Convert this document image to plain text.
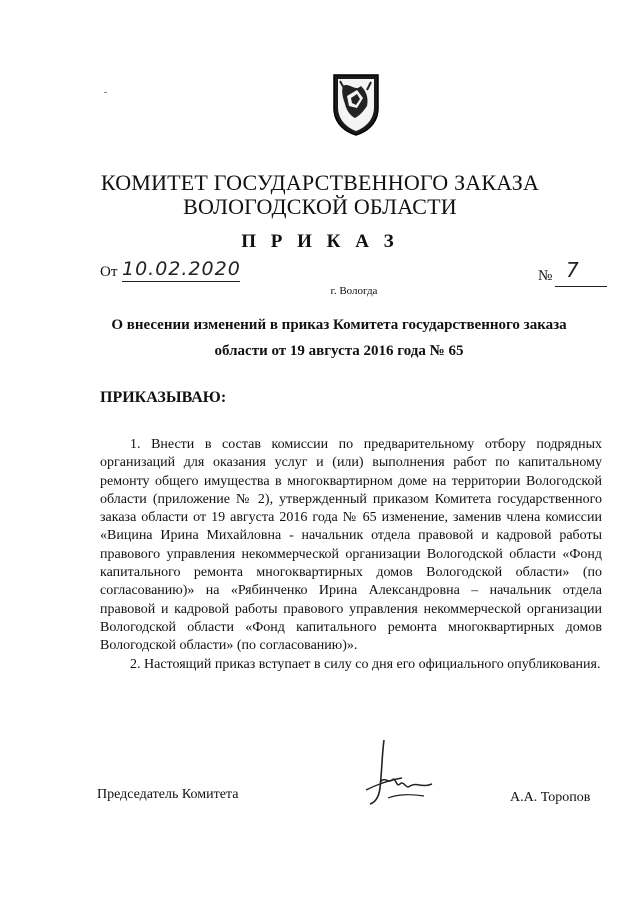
КОМИТЕТ ГОСУДАРСТВЕННОГО ЗАКАЗА
ВОЛОГОДСКОЙ ОБЛАСТИ
П Р И К А З
От 10.02.2020	№ 7
г. Вологда
О внесении изменений в приказ Комитета государственного заказа
области от 19 августа 2016 года № 65
ПРИКАЗЫВАЮ:

1. Внести в состав комиссии по предварительному отбору подрядных организаций для оказания услуг и (или) выполнения работ по капитальному ремонту общего имущества в многоквартирном доме на территории Вологодской области (приложение № 2), утвержденный приказом Комитета государственного заказа области от 19 августа 2016 года № 65 изменение, заменив члена комиссии «Вицина Ирина Михайловна - начальник отдела правовой и кадровой работы правового управления некоммерческой организации Вологодской области «Фонд капитального ремонта многоквартирных домов Вологодской области» (по согласованию)» на «Рябинченко Ирина Александровна – начальник отдела правовой и кадровой работы правового управления некоммерческой организации Вологодской области «Фонд капитального ремонта многоквартирных домов Вологодской области» (по согласованию)».

2. Настоящий приказ вступает в силу со дня его официального опубликования.

Председатель Комитета	А.А. Торопов
